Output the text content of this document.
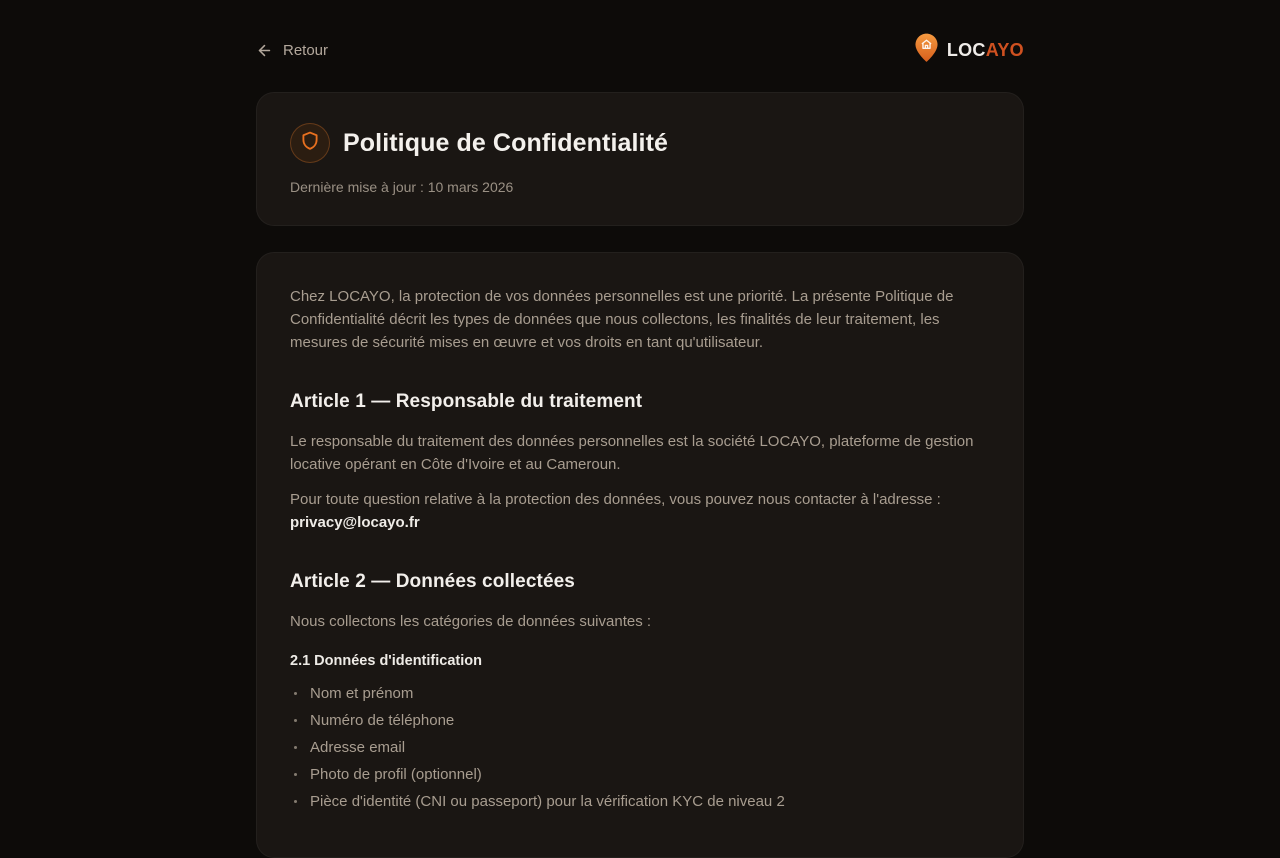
Retour	LOCAYO
Politique de Confidentialité
Dernière mise à jour : 10 mars 2026

Chez LOCAYO, la protection de vos données personnelles est une priorité. La présente Politique de Confidentialité décrit les types de données que nous collectons, les finalités de leur traitement, les mesures de sécurité mises en œuvre et vos droits en tant qu'utilisateur.

Article 1 — Responsable du traitement

Le responsable du traitement des données personnelles est la société LOCAYO, plateforme de gestion locative opérant en Côte d'Ivoire et au Cameroun.

Pour toute question relative à la protection des données, vous pouvez nous contacter à l'adresse : privacy@locayo.fr

Article 2 — Données collectées

Nous collectons les catégories de données suivantes :

2.1 Données d'identification
Nom et prénom
Numéro de téléphone
Adresse email
Photo de profil (optionnel)
Pièce d'identité (CNI ou passeport) pour la vérification KYC de niveau 2
